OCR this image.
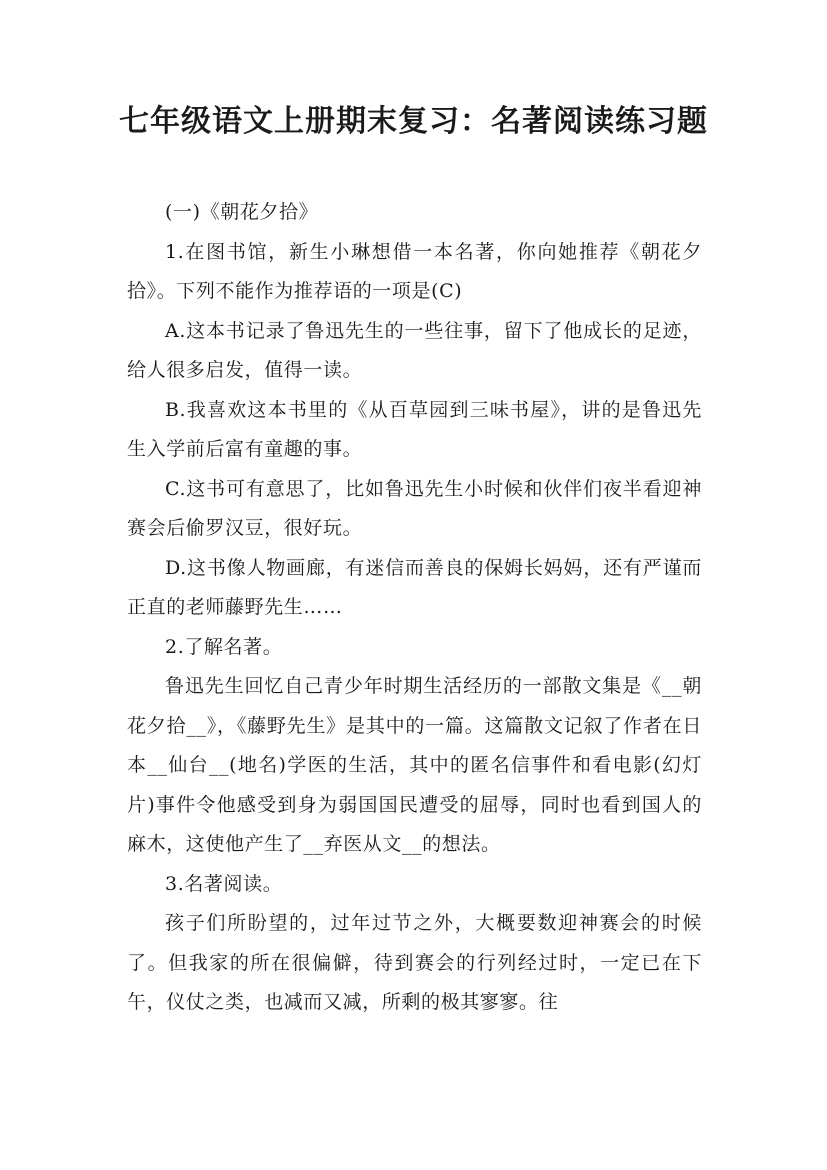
七年级语文上册期末复习：名著阅读练习题

(一)《朝花夕拾》

1.在图书馆，新生小琳想借一本名著，你向她推荐《朝花夕拾》。下列不能作为推荐语的一项是(C)

A.这本书记录了鲁迅先生的一些往事，留下了他成长的足迹，给人很多启发，值得一读。

B.我喜欢这本书里的《从百草园到三味书屋》，讲的是鲁迅先生入学前后富有童趣的事。

C.这书可有意思了，比如鲁迅先生小时候和伙伴们夜半看迎神赛会后偷罗汉豆，很好玩。

D.这书像人物画廊，有迷信而善良的保姆长妈妈，还有严谨而正直的老师藤野先生……

2.了解名著。

鲁迅先生回忆自己青少年时期生活经历的一部散文集是《__朝花夕拾__》，《藤野先生》是其中的一篇。这篇散文记叙了作者在日本__仙台__(地名)学医的生活，其中的匿名信事件和看电影(幻灯片)事件令他感受到身为弱国国民遭受的屈辱，同时也看到国人的麻木，这使他产生了__弃医从文__的想法。

3.名著阅读。

孩子们所盼望的，过年过节之外，大概要数迎神赛会的时候了。但我家的所在很偏僻，待到赛会的行列经过时，一定已在下午，仪仗之类，也减而又减，所剩的极其寥寥。往
